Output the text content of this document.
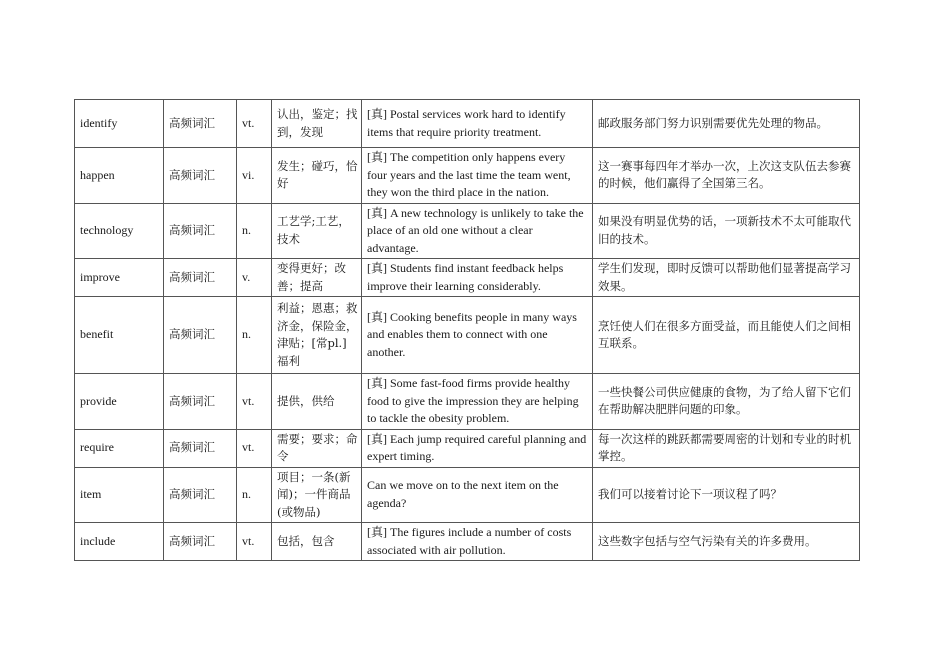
identify	高频词汇	vt.	认出，鉴定；找到，发现	[真] Postal services work hard to identify items that require priority treatment.	邮政服务部门努力识别需要优先处理的物品。
happen	高频词汇	vi.	发生；碰巧，恰好	[真] The competition only happens every four years and the last time the team went, they won the third place in the nation.	这一赛事每四年才举办一次，上次这支队伍去参赛的时候，他们赢得了全国第三名。
technology	高频词汇	n.	工艺学;工艺，技术	[真] A new technology is unlikely to take the place of an old one without a clear advantage.	如果没有明显优势的话，一项新技术不太可能取代旧的技术。
improve	高频词汇	v.	变得更好；改善；提高	[真] Students find instant feedback helps improve their learning considerably.	学生们发现，即时反馈可以帮助他们显著提高学习效果。
benefit	高频词汇	n.	利益；恩惠；救济金，保险金，津贴；[常pl.] 福利	[真] Cooking benefits people in many ways and enables them to connect with one another.	烹饪使人们在很多方面受益，而且能使人们之间相互联系。
provide	高频词汇	vt.	提供，供给	[真] Some fast-food firms provide healthy food to give the impression they are helping to tackle the obesity problem.	一些快餐公司供应健康的食物，为了给人留下它们在帮助解决肥胖问题的印象。
require	高频词汇	vt.	需要；要求；命令	[真] Each jump required careful planning and expert timing.	每一次这样的跳跃都需要周密的计划和专业的时机掌控。
item	高频词汇	n.	项目；一条(新闻)；一件商品(或物品)	Can we move on to the next item on the agenda?	我们可以接着讨论下一项议程了吗？
include	高频词汇	vt.	包括，包含	[真] The figures include a number of costs associated with air pollution.	这些数字包括与空气污染有关的许多费用。
